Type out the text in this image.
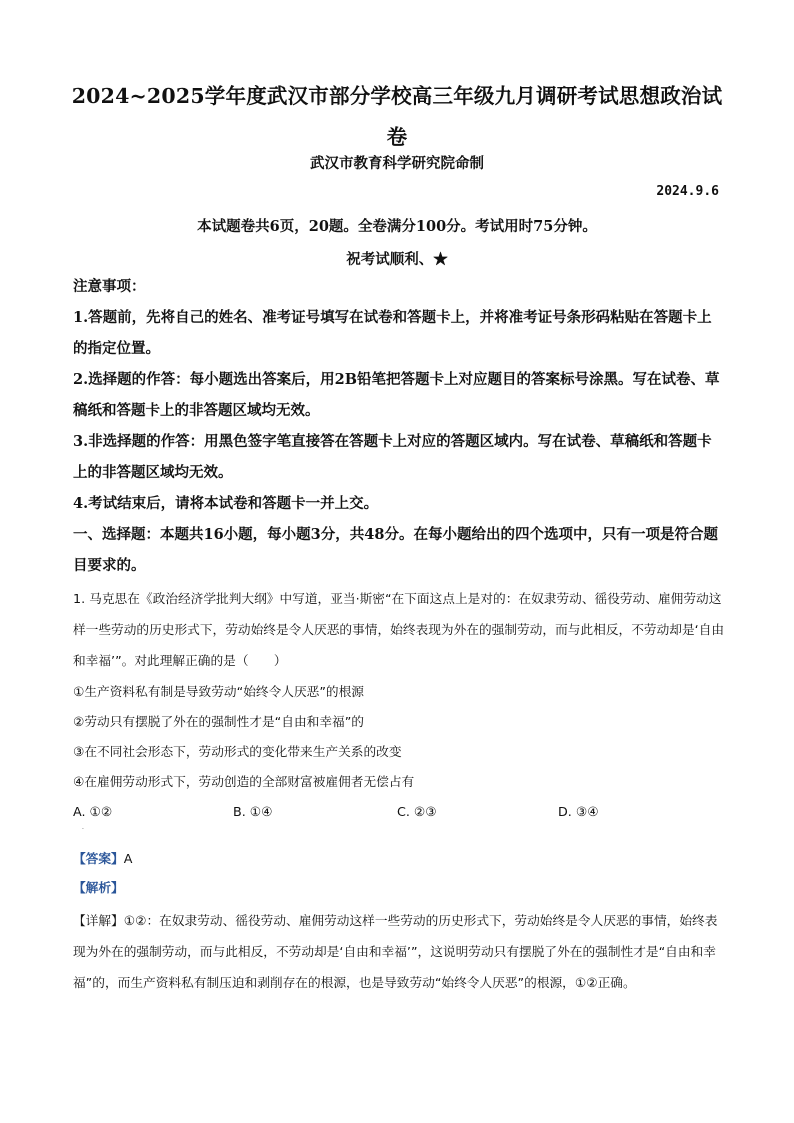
2024~2025学年度武汉市部分学校高三年级九月调研考试思想政治试卷
武汉市教育科学研究院命制
2024.9.6
本试题卷共6页，20题。全卷满分100分。考试用时75分钟。
祝考试顺利、★
注意事项：
1.答题前，先将自己的姓名、准考证号填写在试卷和答题卡上，并将准考证号条形码粘贴在答题卡上的指定位置。
2.选择题的作答：每小题选出答案后，用2B铅笔把答题卡上对应题目的答案标号涂黑。写在试卷、草稿纸和答题卡上的非答题区域均无效。
3.非选择题的作答：用黑色签字笔直接答在答题卡上对应的答题区域内。写在试卷、草稿纸和答题卡上的非答题区域均无效。
4.考试结束后，请将本试卷和答题卡一并上交。
一、选择题：本题共16小题，每小题3分，共48分。在每小题给出的四个选项中，只有一项是符合题目要求的。
1. 马克思在《政治经济学批判大纲》中写道，亚当·斯密“在下面这点上是对的：在奴隶劳动、徭役劳动、雇佣劳动这样一些劳动的历史形式下，劳动始终是令人厌恶的事情，始终表现为外在的强制劳动，而与此相反，不劳动却是‘自由和幸福’”。对此理解正确的是（　　）
①生产资料私有制是导致劳动“始终令人厌恶”的根源
②劳动只有摆脱了外在的强制性才是“自由和幸福”的
③在不同社会形态下，劳动形式的变化带来生产关系的改变
④在雇佣劳动形式下，劳动创造的全部财富被雇佣者无偿占有
A. ①②	B. ①④	C. ②③	D. ③④
·
【答案】A
【解析】
【详解】①②：在奴隶劳动、徭役劳动、雇佣劳动这样一些劳动的历史形式下，劳动始终是令人厌恶的事情，始终表现为外在的强制劳动，而与此相反，不劳动却是‘自由和幸福’”，这说明劳动只有摆脱了外在的强制性才是“自由和幸福”的，而生产资料私有制压迫和剥削存在的根源，也是导致劳动“始终令人厌恶”的根源，①②正确。
